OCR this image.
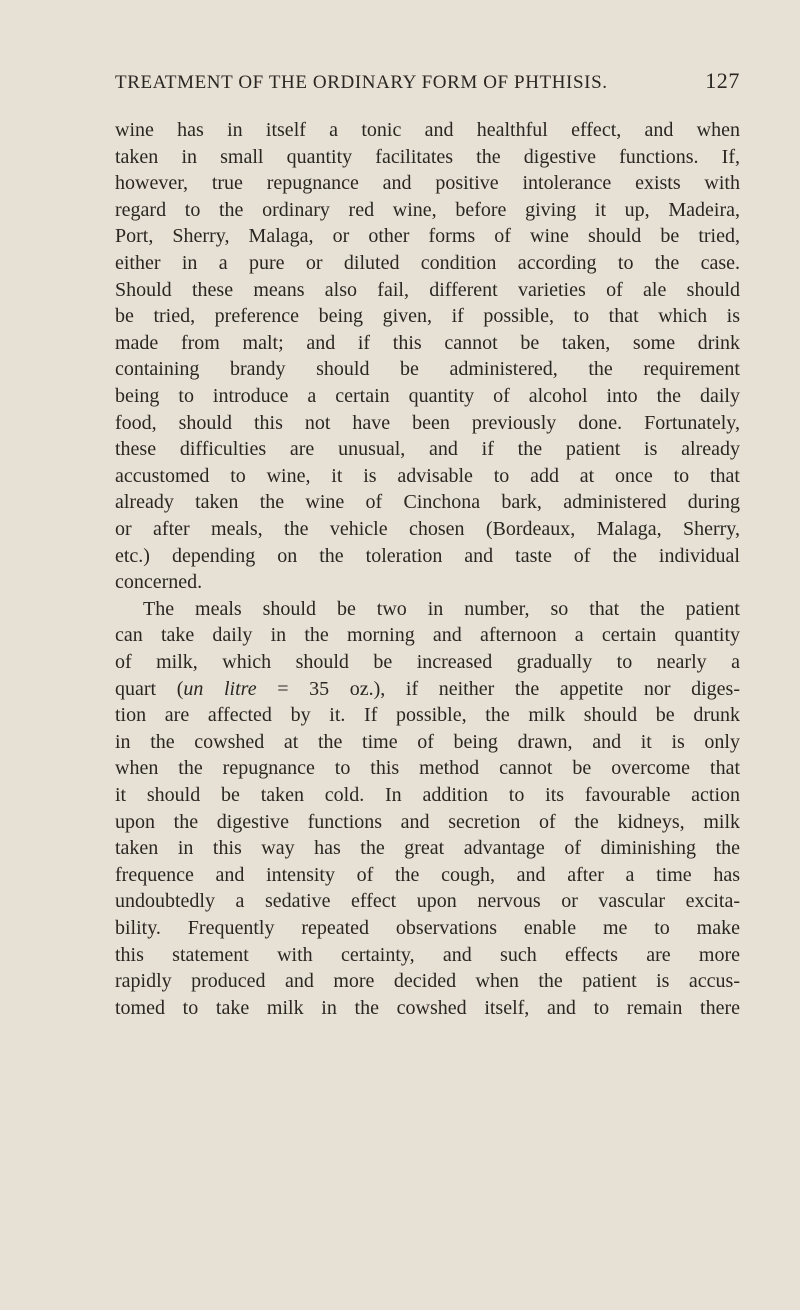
TREATMENT OF THE ORDINARY FORM OF PHTHISIS.	127
wine has in itself a tonic and healthful effect, and when
taken in small quantity facilitates the digestive functions. If,
however, true repugnance and positive intolerance exists with
regard to the ordinary red wine, before giving it up, Madeira,
Port, Sherry, Malaga, or other forms of wine should be tried,
either in a pure or diluted condition according to the case.
Should these means also fail, different varieties of ale should
be tried, preference being given, if possible, to that which is
made from malt; and if this cannot be taken, some drink
containing brandy should be administered, the requirement
being to introduce a certain quantity of alcohol into the daily
food, should this not have been previously done. Fortunately,
these difficulties are unusual, and if the patient is already
accustomed to wine, it is advisable to add at once to that
already taken the wine of Cinchona bark, administered during
or after meals, the vehicle chosen (Bordeaux, Malaga, Sherry,
etc.) depending on the toleration and taste of the individual
concerned.
The meals should be two in number, so that the patient
can take daily in the morning and afternoon a certain quantity
of milk, which should be increased gradually to nearly a
quart (un litre = 35 oz.), if neither the appetite nor diges-
tion are affected by it. If possible, the milk should be drunk
in the cowshed at the time of being drawn, and it is only
when the repugnance to this method cannot be overcome that
it should be taken cold. In addition to its favourable action
upon the digestive functions and secretion of the kidneys, milk
taken in this way has the great advantage of diminishing the
frequence and intensity of the cough, and after a time has
undoubtedly a sedative effect upon nervous or vascular excita-
bility. Frequently repeated observations enable me to make
this statement with certainty, and such effects are more
rapidly produced and more decided when the patient is accus-
tomed to take milk in the cowshed itself, and to remain there
